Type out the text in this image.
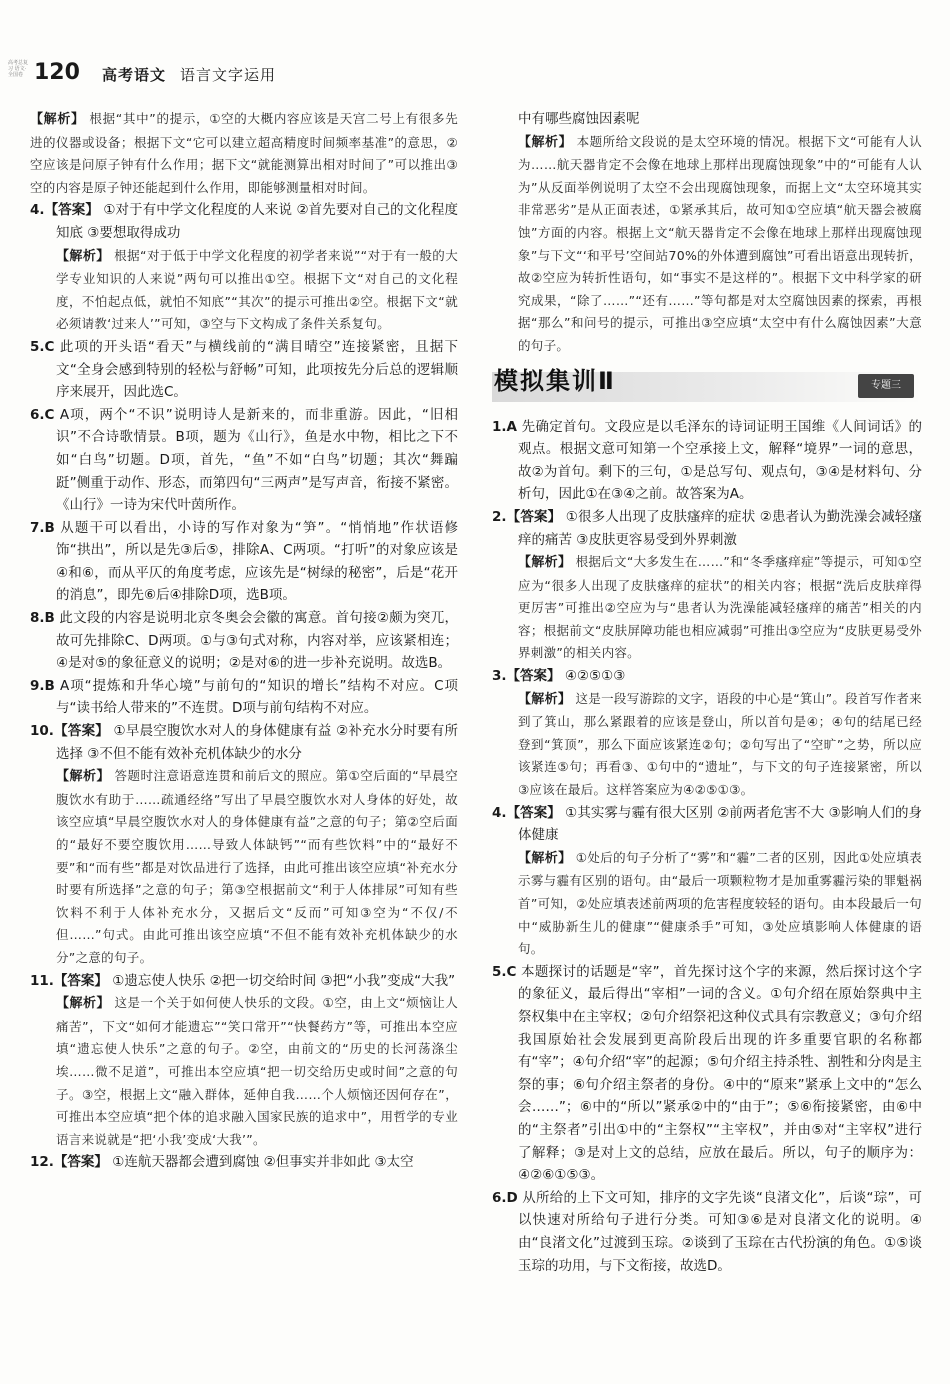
高考总复习 语文·全国卷 120 高考语文 语言文字运用

【解析】 根据“其中”的提示，①空的大概内容应该是天宫二号上有很多先进的仪器或设备；根据下文“它可以建立超高精度时间频率基准”的意思，②空应该是问原子钟有什么作用；据下文“就能测算出相对时间了”可以推出③空的内容是原子钟还能起到什么作用，即能够测量相对时间。

4.【答案】 ①对于有中学文化程度的人来说 ②首先要对自己的文化程度知底 ③要想取得成功

【解析】 根据“对于低于中学文化程度的初学者来说”“对于有一般的大学专业知识的人来说”两句可以推出①空。根据下文“对自己的文化程度，不怕起点低，就怕不知底”“其次”的提示可推出②空。根据下文“就必须请教‘过来人’”可知，③空与下文构成了条件关系复句。

5.C 此项的开头语“看天”与横线前的“满目晴空”连接紧密，且据下文“全身会感到特别的轻松与舒畅”可知，此项按先分后总的逻辑顺序来展开，因此选C。

6.C A项，两个“不识”说明诗人是新来的，而非重游。因此，“旧相识”不合诗歌情景。B项，题为《山行》，鱼是水中物，相比之下不如“白鸟”切题。D项，首先，“鱼”不如“白鸟”切题；其次“舞蹁跹”侧重于动作、形态，而第四句“三两声”是写声音，衔接不紧密。《山行》一诗为宋代叶茵所作。

7.B 从题干可以看出，小诗的写作对象为“笋”。“悄悄地”作状语修饰“拱出”，所以是先③后⑤，排除A、C两项。“打听”的对象应该是④和⑥，而从平仄的角度考虑，应该先是“树绿的秘密”，后是“花开的消息”，即先⑥后④排除D项，选B项。

8.B 此文段的内容是说明北京冬奥会会徽的寓意。首句接②颇为突兀，故可先排除C、D两项。①与③句式对称，内容对举，应该紧相连；④是对⑤的象征意义的说明；②是对⑥的进一步补充说明。故选B。

9.B A项“提炼和升华心境”与前句的“知识的增长”结构不对应。C项与“读书给人带来的”不连贯。D项与前句结构不对应。

10.【答案】 ①早晨空腹饮水对人的身体健康有益 ②补充水分时要有所选择 ③不但不能有效补充机体缺少的水分

【解析】 答题时注意语意连贯和前后文的照应。第①空后面的“早晨空腹饮水有助于……疏通经络”写出了早晨空腹饮水对人身体的好处，故该空应填“早晨空腹饮水对人的身体健康有益”之意的句子；第②空后面的“最好不要空腹饮用……导致人体缺钙”“而有些饮料”中的“最好不要”和“而有些”都是对饮品进行了选择，由此可推出该空应填“补充水分时要有所选择”之意的句子；第③空根据前文“利于人体排尿”可知有些饮料不利于人体补充水分，又据后文“反而”可知③空为“不仅/不但……”句式。由此可推出该空应填“不但不能有效补充机体缺少的水分”之意的句子。

11.【答案】 ①遗忘使人快乐 ②把一切交给时间 ③把“小我”变成“大我”

【解析】 这是一个关于如何使人快乐的文段。①空，由上文“烦恼让人痛苦”，下文“如何才能遗忘”“笑口常开”“快餐药方”等，可推出本空应填“遗忘使人快乐”之意的句子。②空，由前文的“历史的长河荡涤尘埃……微不足道”，可推出本空应填“把一切交给历史或时间”之意的句子。③空，根据上文“融入群体，延伸自我……个人烦恼还因何存在”，可推出本空应填“把个体的追求融入国家民族的追求中”，用哲学的专业语言来说就是“把‘小我’变成‘大我’”。

12.【答案】 ①连航天器都会遭到腐蚀 ②但事实并非如此 ③太空

中有哪些腐蚀因素呢

【解析】 本题所给文段说的是太空环境的情况。根据下文“可能有人认为……航天器肯定不会像在地球上那样出现腐蚀现象”中的“可能有人认为”从反面举例说明了太空不会出现腐蚀现象，而据上文“太空环境其实非常恶劣”是从正面表述，①紧承其后，故可知①空应填“航天器会被腐蚀”方面的内容。根据上文“航天器肯定不会像在地球上那样出现腐蚀现象”与下文“‘和平号’空间站70%的外体遭到腐蚀”可看出语意出现转折，故②空应为转折性语句，如“事实不是这样的”。根据下文中科学家的研究成果，“除了……”“还有……”等句都是对太空腐蚀因素的探索，再根据“那么”和问号的提示，可推出③空应填“太空中有什么腐蚀因素”大意的句子。

模拟集训Ⅱ	专题三

1.A 先确定首句。文段应是以毛泽东的诗词证明王国维《人间词话》的观点。根据文意可知第一个空承接上文，解释“境界”一词的意思，故②为首句。剩下的三句，①是总写句、观点句，③④是材料句、分析句，因此①在③④之前。故答案为A。

2.【答案】 ①很多人出现了皮肤瘙痒的症状 ②患者认为勤洗澡会减轻瘙痒的痛苦 ③皮肤更容易受到外界刺激

【解析】 根据后文“大多发生在……”和“冬季瘙痒症”等提示，可知①空应为“很多人出现了皮肤瘙痒的症状”的相关内容；根据“洗后皮肤痒得更厉害”可推出②空应为与“患者认为洗澡能减轻瘙痒的痛苦”相关的内容；根据前文“皮肤屏障功能也相应减弱”可推出③空应为“皮肤更易受外界刺激”的相关内容。

3.【答案】 ④②⑤①③

【解析】 这是一段写游踪的文字，语段的中心是“箕山”。段首写作者来到了箕山，那么紧跟着的应该是登山，所以首句是④；④句的结尾已经登到“箕顶”，那么下面应该紧连②句；②句写出了“空旷”之势，所以应该紧连⑤句；再看③、①句中的“遗址”，与下文的句子连接紧密，所以③应该在最后。这样答案应为④②⑤①③。

4.【答案】 ①其实雾与霾有很大区别 ②前两者危害不大 ③影响人们的身体健康

【解析】 ①处后的句子分析了“雾”和“霾”二者的区别，因此①处应填表示雾与霾有区别的语句。由“最后一项颗粒物才是加重雾霾污染的罪魁祸首”可知，②处应填表述前两项的危害程度较轻的语句。由本段最后一句中“威胁新生儿的健康”“健康杀手”可知，③处应填影响人体健康的语句。

5.C 本题探讨的话题是“宰”，首先探讨这个字的来源，然后探讨这个字的象征义，最后得出“宰相”一词的含义。①句介绍在原始祭典中主祭权集中在主宰权；②句介绍祭祀这种仪式具有宗教意义；③句介绍我国原始社会发展到更高阶段后出现的许多重要官职的名称都有“宰”；④句介绍“宰”的起源；⑤句介绍主持杀牲、割牲和分肉是主祭的事；⑥句介绍主祭者的身份。④中的“原来”紧承上文中的“怎么会……”；⑥中的“所以”紧承②中的“由于”；⑤⑥衔接紧密，由⑥中的“主祭者”引出①中的“主祭权”“主宰权”，并由⑤对“主宰权”进行了解释；③是对上文的总结，应放在最后。所以，句子的顺序为：④②⑥①⑤③。

6.D 从所给的上下文可知，排序的文字先谈“良渚文化”，后谈“琮”，可以快速对所给句子进行分类。可知③⑥是对良渚文化的说明。④由“良渚文化”过渡到玉琮。②谈到了玉琮在古代扮演的角色。①⑤谈玉琮的功用，与下文衔接，故选D。
